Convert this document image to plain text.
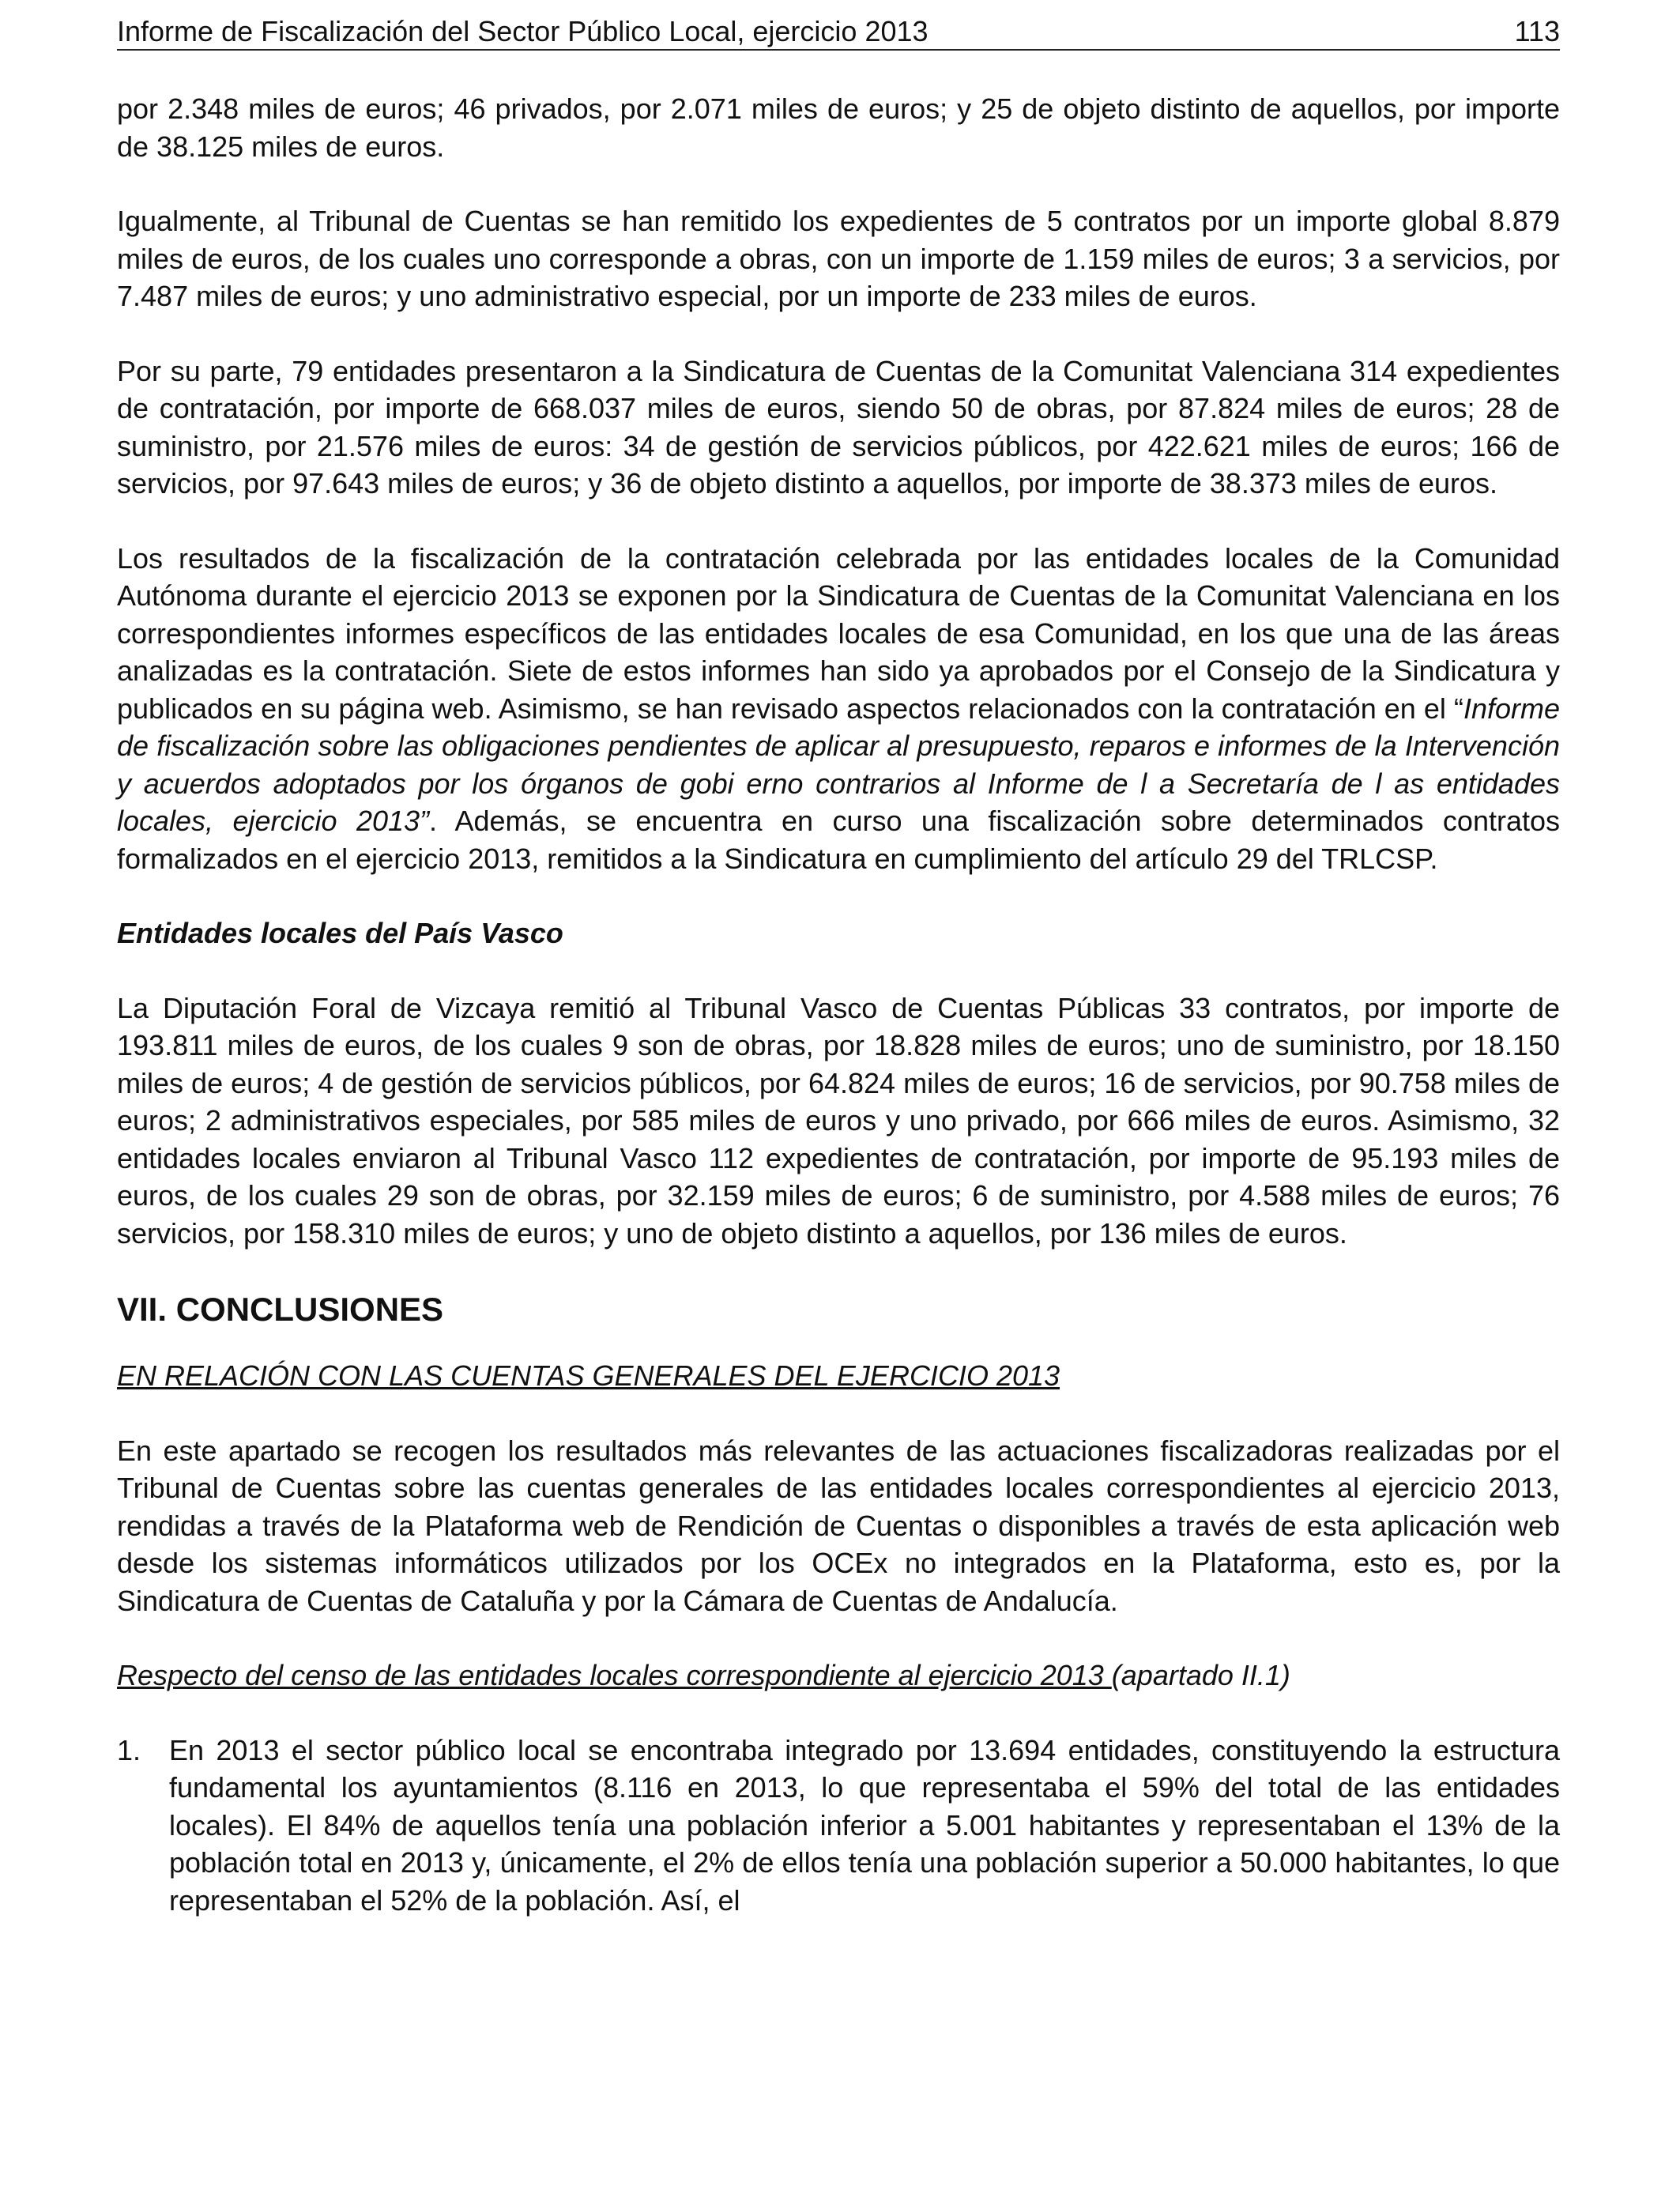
Informe de Fiscalización del Sector Público Local, ejercicio 2013	113

por 2.348 miles de euros; 46 privados, por 2.071 miles de euros; y 25 de objeto distinto de aquellos, por importe de 38.125 miles de euros.

Igualmente, al Tribunal de Cuentas se han remitido los expedientes de 5 contratos por un importe global 8.879 miles de euros, de los cuales uno corresponde a obras, con un importe de 1.159 miles de euros; 3 a servicios, por 7.487 miles de euros; y uno administrativo especial, por un importe de 233 miles de euros.

Por su parte, 79 entidades presentaron a la Sindicatura de Cuentas de la Comunitat Valenciana 314 expedientes de contratación, por importe de 668.037 miles de euros, siendo 50 de obras, por 87.824 miles de euros; 28 de suministro, por 21.576 miles de euros: 34 de gestión de servicios públicos, por 422.621 miles de euros; 166 de servicios, por 97.643 miles de euros; y 36 de objeto distinto a aquellos, por importe de 38.373 miles de euros.

Los resultados de la fiscalización de la contratación celebrada por las entidades locales de la Comunidad Autónoma durante el ejercicio 2013 se exponen por la Sindicatura de Cuentas de la Comunitat Valenciana en los correspondientes informes específicos de las entidades locales de esa Comunidad, en los que una de las áreas analizadas es la contratación. Siete de estos informes han sido ya aprobados por el Consejo de la Sindicatura y publicados en su página web. Asimismo, se han revisado aspectos relacionados con la contratación en el “Informe de fiscalización sobre las obligaciones pendientes de aplicar al presupuesto, reparos e informes de la Intervención y acuerdos adoptados por los órganos de gobi erno contrarios al Informe de l a Secretaría de l as entidades locales, ejercicio 2013”. Además, se encuentra en curso una fiscalización sobre determinados contratos formalizados en el ejercicio 2013, remitidos a la Sindicatura en cumplimiento del artículo 29 del TRLCSP.

Entidades locales del País Vasco

La Diputación Foral de Vizcaya remitió al Tribunal Vasco de Cuentas Públicas 33 contratos, por importe de 193.811 miles de euros, de los cuales 9 son de obras, por 18.828 miles de euros; uno de suministro, por 18.150 miles de euros; 4 de gestión de servicios públicos, por 64.824 miles de euros; 16 de servicios, por 90.758 miles de euros; 2 administrativos especiales, por 585 miles de euros y uno privado, por 666 miles de euros. Asimismo, 32 entidades locales enviaron al Tribunal Vasco 112 expedientes de contratación, por importe de 95.193 miles de euros, de los cuales 29 son de obras, por 32.159 miles de euros; 6 de suministro, por 4.588 miles de euros; 76 servicios, por 158.310 miles de euros; y uno de objeto distinto a aquellos, por 136 miles de euros.

VII. CONCLUSIONES
EN RELACIÓN CON LAS CUENTAS GENERALES DEL EJERCICIO 2013

En este apartado se recogen los resultados más relevantes de las actuaciones fiscalizadoras realizadas por el Tribunal de Cuentas sobre las cuentas generales de las entidades locales correspondientes al ejercicio 2013, rendidas a través de la Plataforma web de Rendición de Cuentas o disponibles a través de esta aplicación web desde los sistemas informáticos utilizados por los OCEx no integrados en la Plataforma, esto es, por la Sindicatura de Cuentas de Cataluña y por la Cámara de Cuentas de Andalucía.

Respecto del censo de las entidades locales correspondiente al ejercicio 2013 (apartado II.1)
1. En 2013 el sector público local se encontraba integrado por 13.694 entidades, constituyendo la estructura fundamental los ayuntamientos (8.116 en 2013, lo que representaba el 59% del total de las entidades locales). El 84% de aquellos tenía una población inferior a 5.001 habitantes y representaban el 13% de la población total en 2013 y, únicamente, el 2% de ellos tenía una población superior a 50.000 habitantes, lo que representaban el 52% de la población. Así, el
